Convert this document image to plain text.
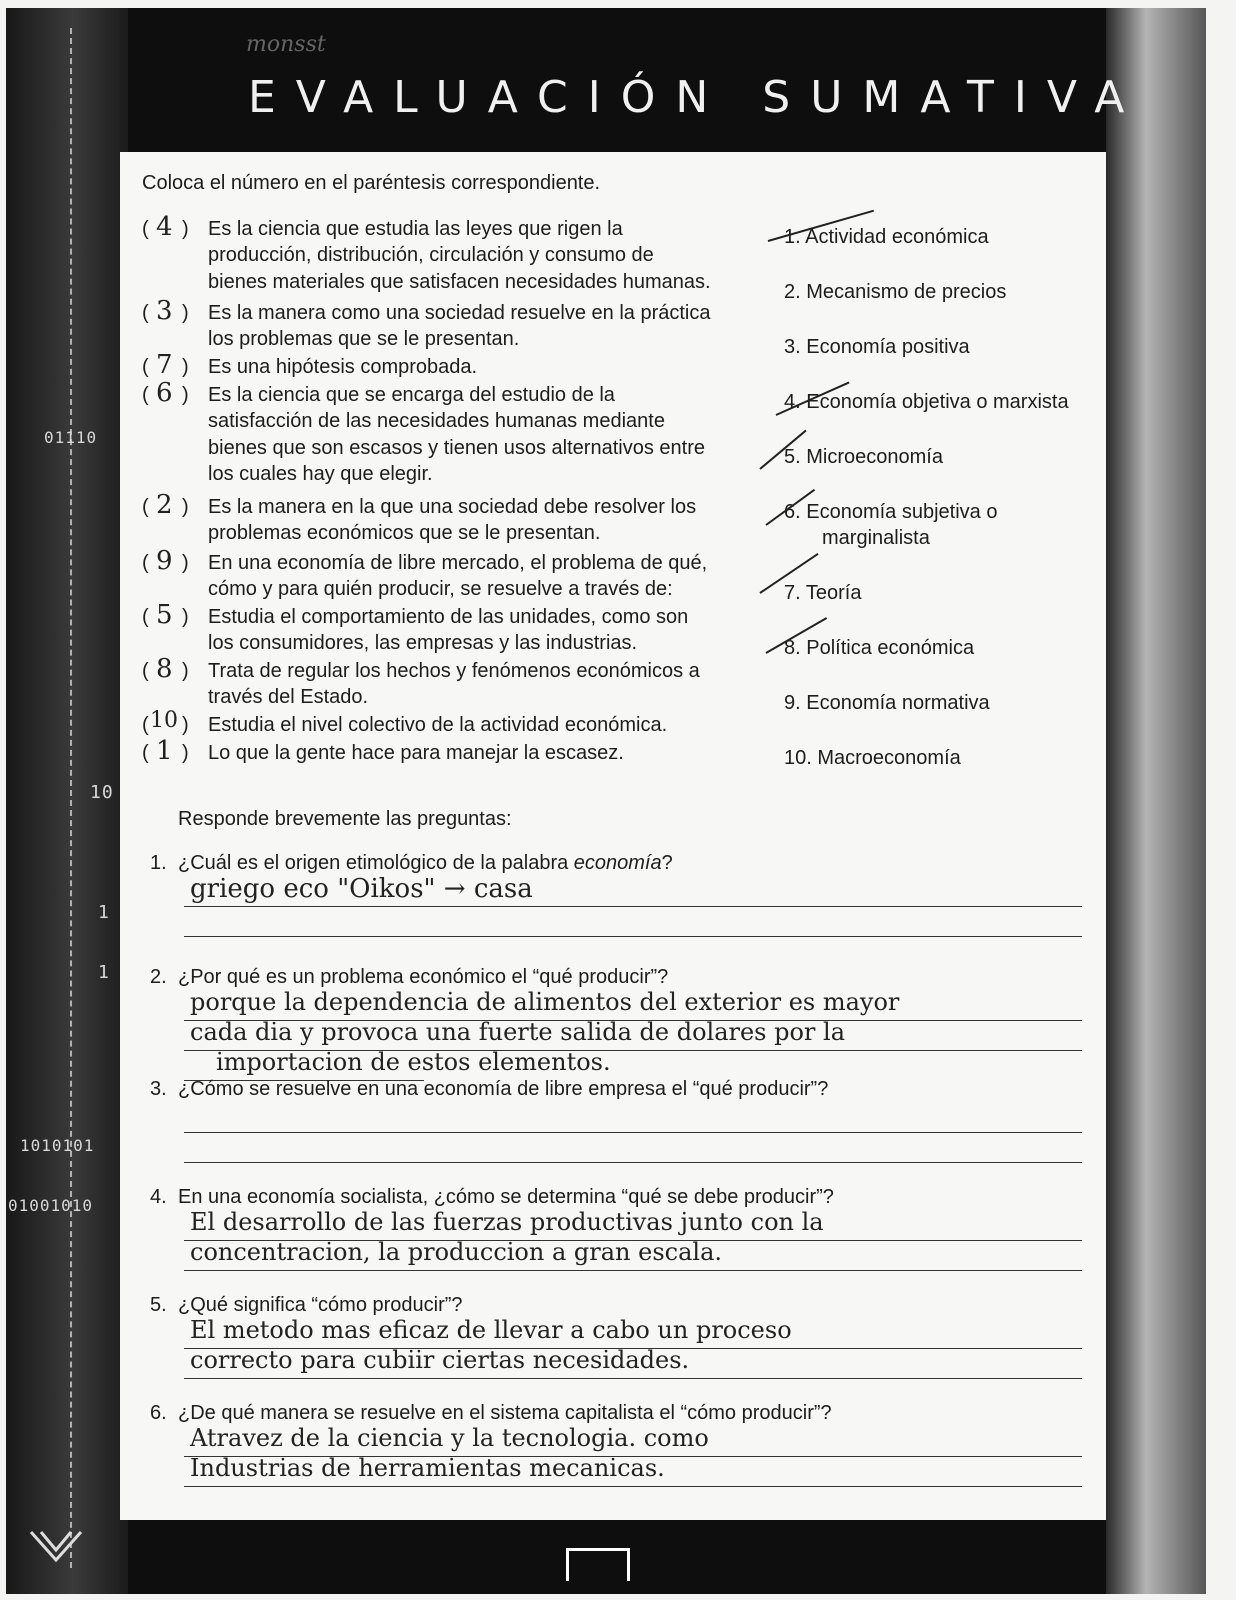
01110
10
1
1
1010101
01001010
monsst
EVALUACIÓN SUMATIVA
Coloca el número en el paréntesis correspondiente.
( 4 ) Es la ciencia que estudia las leyes que rigen la
producción, distribución, circulación y consumo de
bienes materiales que satisfacen necesidades humanas.
( 3 ) Es la manera como una sociedad resuelve en la práctica
los problemas que se le presentan.
( 7 ) Es una hipótesis comprobada.
( 6 ) Es la ciencia que se encarga del estudio de la
satisfacción de las necesidades humanas mediante
bienes que son escasos y tienen usos alternativos entre
los cuales hay que elegir.
( 2 ) Es la manera en la que una sociedad debe resolver los
problemas económicos que se le presentan.
( 9 ) En una economía de libre mercado, el problema de qué,
cómo y para quién producir, se resuelve a través de:
( 5 ) Estudia el comportamiento de las unidades, como son
los consumidores, las empresas y las industrias.
( 8 ) Trata de regular los hechos y fenómenos económicos a
través del Estado.
( 10 ) Estudia el nivel colectivo de la actividad económica.
( 1 ) Lo que la gente hace para manejar la escasez.
1. Actividad económica
2. Mecanismo de precios
3. Economía positiva
4. Economía objetiva o marxista
5. Microeconomía
6. Economía subjetiva o
marginalista
7. Teoría
8. Política económica
9. Economía normativa
10. Macroeconomía
Responde brevemente las preguntas:
1. ¿Cuál es el origen etimológico de la palabra economía?
griego eco "Oikos" → casa
2. ¿Por qué es un problema económico el “qué producir”?
porque la dependencia de alimentos del exterior es mayor
cada dia y provoca una fuerte salida de dolares por la
importacion de estos elementos.
3. ¿Cómo se resuelve en una economía de libre empresa el “qué producir”?
4. En una economía socialista, ¿cómo se determina “qué se debe producir”?
El desarrollo de las fuerzas productivas junto con la
concentracion, la produccion a gran escala.
5. ¿Qué significa “cómo producir”?
El metodo mas eficaz de llevar a cabo un proceso
correcto para cubiir ciertas necesidades.
6. ¿De qué manera se resuelve en el sistema capitalista el “cómo producir”?
Atravez de la ciencia y la tecnologia. como
Industrias de herramientas mecanicas.
